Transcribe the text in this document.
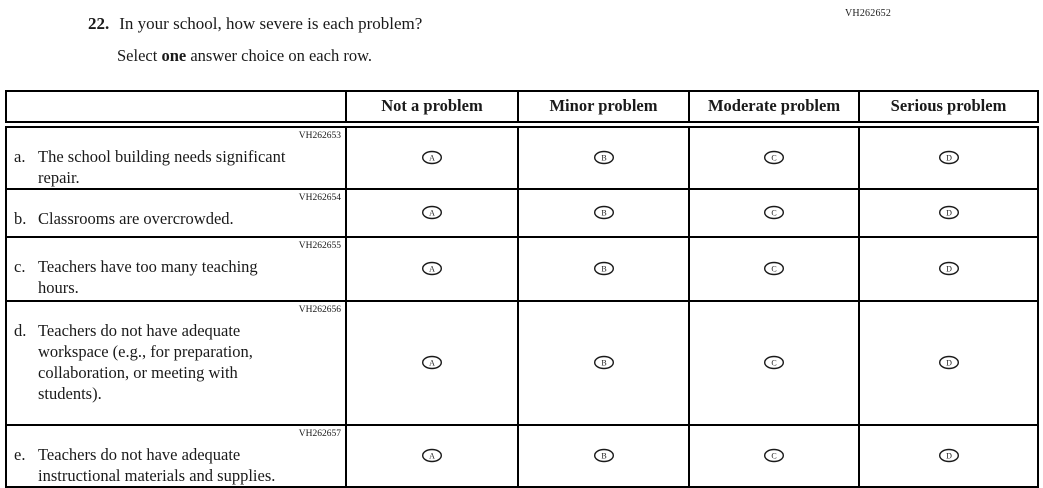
VH262652
22. In your school, how severe is each problem?
Select one answer choice on each row.
	Not a problem	Minor problem	Moderate problem	Serious problem

VH262653
a. The school building needs significant repair.	A	B	C	D

VH262654
b. Classrooms are overcrowded.	A	B	C	D

VH262655
c. Teachers have too many teaching hours.	A	B	C	D

VH262656
d. Teachers do not have adequate workspace (e.g., for preparation, collaboration, or meeting with students).	A	B	C	D

VH262657
e. Teachers do not have adequate instructional materials and supplies.	A	B	C	D
